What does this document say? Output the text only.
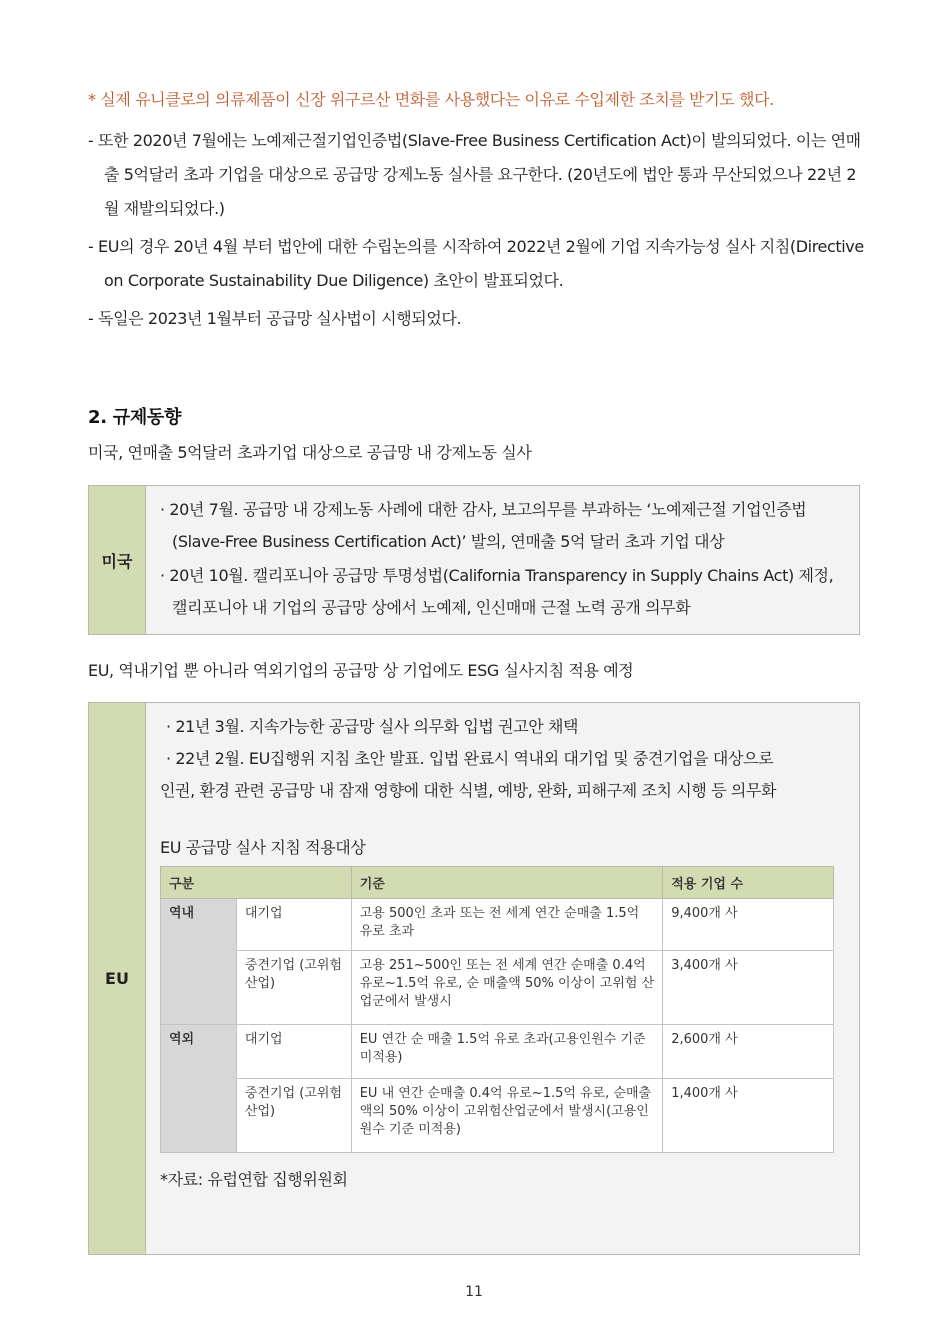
* 실제 유니클로의 의류제품이 신장 위구르산 면화를 사용했다는 이유로 수입제한 조치를 받기도 했다.
- 또한 2020년 7월에는 노예제근절기업인증법(Slave-Free Business Certification Act)이 발의되었다. 이는 연매출 5억달러 초과 기업을 대상으로 공급망 강제노동 실사를 요구한다. (20년도에 법안 통과 무산되었으나 22년 2월 재발의되었다.)
- EU의 경우 20년 4월 부터 법안에 대한 수립논의를 시작하여 2022년 2월에 기업 지속가능성 실사 지침(Directive on Corporate Sustainability Due Diligence) 초안이 발표되었다.
- 독일은 2023년 1월부터 공급망 실사법이 시행되었다.
2. 규제동향
미국, 연매출 5억달러 초과기업 대상으로 공급망 내 강제노동 실사
미국
· 20년 7월. 공급망 내 강제노동 사례에 대한 감사, 보고의무를 부과하는 ‘노예제근절 기업인증법(Slave-Free Business Certification Act)’ 발의, 연매출 5억 달러 초과 기업 대상
· 20년 10월. 캘리포니아 공급망 투명성법(California Transparency in Supply Chains Act) 제정, 캘리포니아 내 기업의 공급망 상에서 노예제, 인신매매 근절 노력 공개 의무화
EU, 역내기업 뿐 아니라 역외기업의 공급망 상 기업에도 ESG 실사지침 적용 예정
EU
· 21년 3월. 지속가능한 공급망 실사 의무화 입법 권고안 채택
· 22년 2월. EU집행위 지침 초안 발표. 입법 완료시 역내외 대기업 및 중견기업을 대상으로
인권, 환경 관련 공급망 내 잠재 영향에 대한 식별, 예방, 완화, 피해구제 조치 시행 등 의무화
EU 공급망 실사 지침 적용대상
구분		기준	적용 기업 수
역내	대기업	고용 500인 초과 또는 전 세계 연간 순매출 1.5억 유로 초과	9,400개 사
	중견기업 (고위험산업)	고용 251~500인 또는 전 세계 연간 순매출 0.4억유로~1.5억 유로, 순 매출액 50% 이상이 고위험 산업군에서 발생시	3,400개 사
역외	대기업	EU 연간 순 매출 1.5억 유로 초과(고용인원수 기준 미적용)	2,600개 사
	중견기업 (고위험산업)	EU 내 연간 순매출 0.4억 유로~1.5억 유로, 순매출액의 50% 이상이 고위험산업군에서 발생시(고용인원수 기준 미적용)	1,400개 사
*자료: 유럽연합 집행위원회
11
